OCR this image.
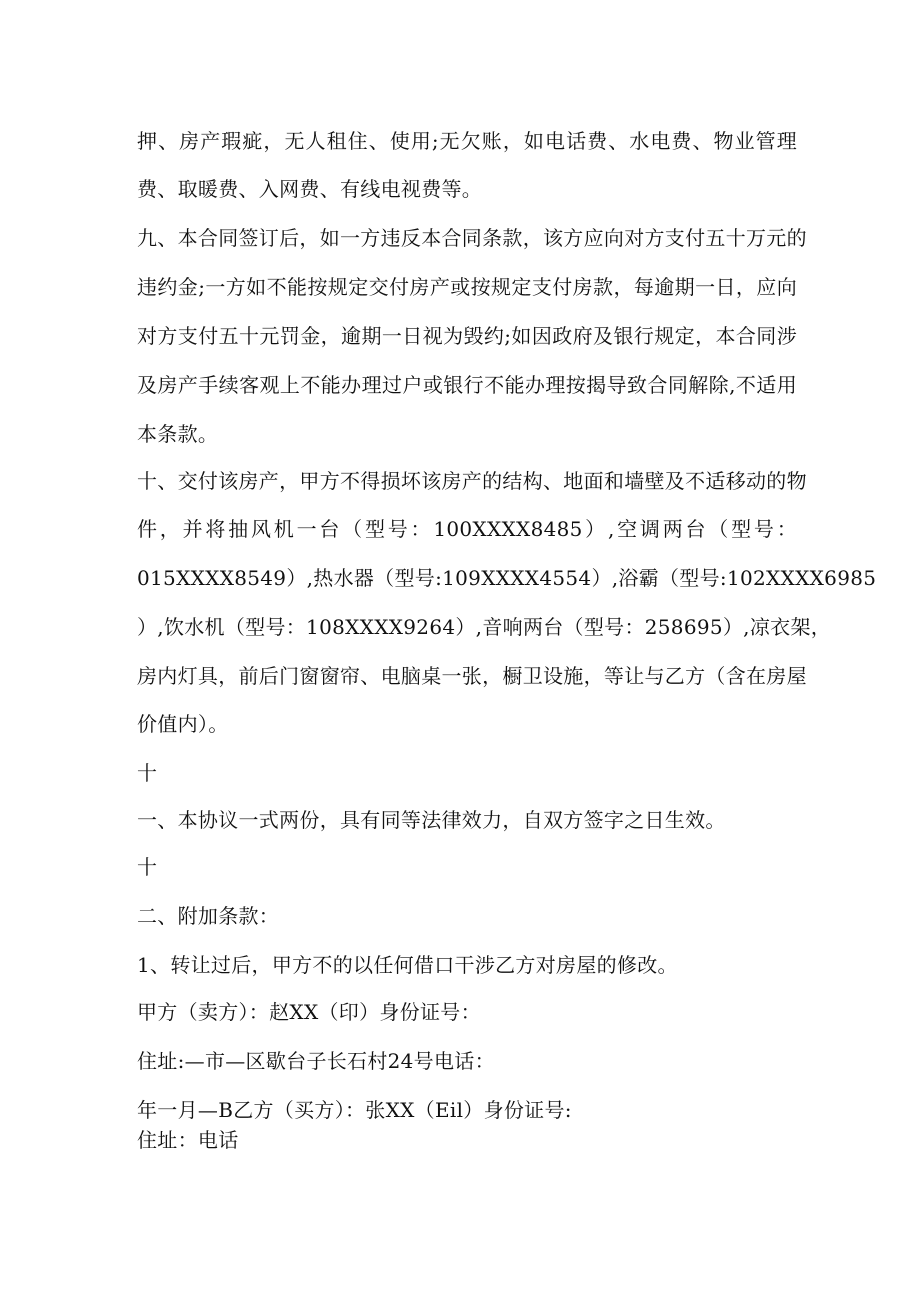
押、房产瑕疵，无人租住、使用;无欠账，如电话费、水电费、物业管理
费、取暖费、入网费、有线电视费等。
九、本合同签订后，如一方违反本合同条款，该方应向对方支付五十万元的
违约金;一方如不能按规定交付房产或按规定支付房款，每逾期一日，应向
对方支付五十元罚金，逾期一日视为毁约;如因政府及银行规定，本合同涉
及房产手续客观上不能办理过户或银行不能办理按揭导致合同解除,不适用
本条款。
十、交付该房产，甲方不得损坏该房产的结构、地面和墙壁及不适移动的物
件，并将抽风机一台（型号：100XXXX8485）,空调两台（型号：
015XXXX8549）,热水器（型号:109XXXX4554）,浴霸（型号:102XXXX6985
）,饮水机（型号：108XXXX9264）,音响两台（型号：258695）,凉衣架，
房内灯具，前后门窗窗帘、电脑桌一张，橱卫设施，等让与乙方（含在房屋
价值内）。
十
一、本协议一式两份，具有同等法律效力，自双方签字之日生效。
十
二、附加条款：
1、转让过后，甲方不的以任何借口干涉乙方对房屋的修改。
甲方（卖方）：赵XX（印）身份证号：
住址:—市—区歇台子长石村24号电话：
年一月—B乙方（买方）：张XX（Eil）身份证号:
住址：电话
